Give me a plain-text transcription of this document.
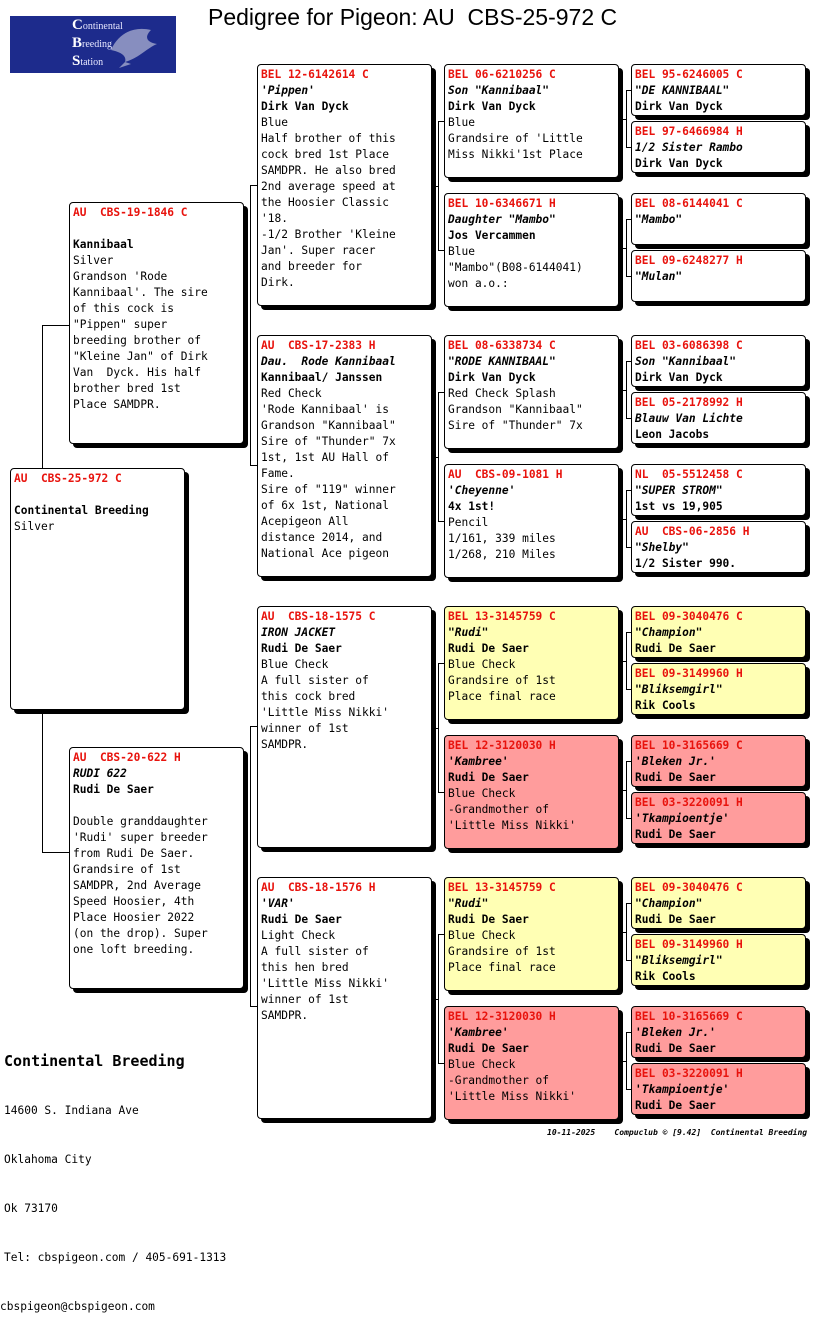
Pedigree for Pigeon: AU  CBS-25-972 C
Continental
Breeding
Station
AU  CBS-25-972 C

Continental Breeding
Silver
AU  CBS-19-1846 C

Kannibaal
Silver
Grandson 'Rode
Kannibaal'. The sire
of this cock is
"Pippen" super
breeding brother of
"Kleine Jan" of Dirk
Van  Dyck. His half
brother bred 1st
Place SAMDPR.
AU  CBS-20-622 H
RUDI 622
Rudi De Saer

Double granddaughter
'Rudi' super breeder
from Rudi De Saer.
Grandsire of 1st
SAMDPR, 2nd Average
Speed Hoosier, 4th
Place Hoosier 2022
(on the drop). Super
one loft breeding.
BEL 12-6142614 C
'Pippen'
Dirk Van Dyck
Blue
Half brother of this
cock bred 1st Place
SAMDPR. He also bred
2nd average speed at
the Hoosier Classic
'18.
-1/2 Brother 'Kleine
Jan'. Super racer
and breeder for
Dirk.
AU  CBS-17-2383 H
Dau.  Rode Kannibaal
Kannibaal/ Janssen
Red Check
'Rode Kannibaal' is
Grandson "Kannibaal"
Sire of "Thunder" 7x
1st, 1st AU Hall of
Fame.
Sire of "119" winner
of 6x 1st, National
Acepigeon All
distance 2014, and
National Ace pigeon
AU  CBS-18-1575 C
IRON JACKET
Rudi De Saer
Blue Check
A full sister of
this cock bred
'Little Miss Nikki'
winner of 1st
SAMDPR.
AU  CBS-18-1576 H
'VAR'
Rudi De Saer
Light Check
A full sister of
this hen bred
'Little Miss Nikki'
winner of 1st
SAMDPR.
BEL 06-6210256 C
Son "Kannibaal"
Dirk Van Dyck
Blue
Grandsire of 'Little
Miss Nikki'1st Place
BEL 10-6346671 H
Daughter "Mambo"
Jos Vercammen
Blue
"Mambo"(B08-6144041)
won a.o.:
BEL 08-6338734 C
"RODE KANNIBAAL"
Dirk Van Dyck
Red Check Splash
Grandson "Kannibaal"
Sire of "Thunder" 7x
AU  CBS-09-1081 H
'Cheyenne'
4x 1st!
Pencil
1/161, 339 miles
1/268, 210 Miles
BEL 13-3145759 C
"Rudi"
Rudi De Saer
Blue Check
Grandsire of 1st
Place final race
BEL 12-3120030 H
'Kambree'
Rudi De Saer
Blue Check
-Grandmother of
'Little Miss Nikki'
BEL 13-3145759 C
"Rudi"
Rudi De Saer
Blue Check
Grandsire of 1st
Place final race
BEL 12-3120030 H
'Kambree'
Rudi De Saer
Blue Check
-Grandmother of
'Little Miss Nikki'
BEL 95-6246005 C
"DE KANNIBAAL"
Dirk Van Dyck
BEL 97-6466984 H
1/2 Sister Rambo
Dirk Van Dyck
BEL 08-6144041 C
"Mambo"
BEL 09-6248277 H
"Mulan"
BEL 03-6086398 C
Son "Kannibaal"
Dirk Van Dyck
BEL 05-2178992 H
Blauw Van Lichte
Leon Jacobs
NL  05-5512458 C
"SUPER STROM"
1st vs 19,905
AU  CBS-06-2856 H
"Shelby"
1/2 Sister 990.
BEL 09-3040476 C
"Champion"
Rudi De Saer
BEL 09-3149960 H
"Bliksemgirl"
Rik Cools
BEL 10-3165669 C
'Bleken Jr.'
Rudi De Saer
BEL 03-3220091 H
'Tkampioentje'
Rudi De Saer
BEL 09-3040476 C
"Champion"
Rudi De Saer
BEL 09-3149960 H
"Bliksemgirl"
Rik Cools
BEL 10-3165669 C
'Bleken Jr.'
Rudi De Saer
BEL 03-3220091 H
'Tkampioentje'
Rudi De Saer

Continental Breeding

14600 S. Indiana Ave

Oklahoma City

Ok 73170

Tel: cbspigeon.com / 405-691-1313

cbspigeon@cbspigeon.com

10-11-2025    Compuclub © [9.42]  Continental Breeding
